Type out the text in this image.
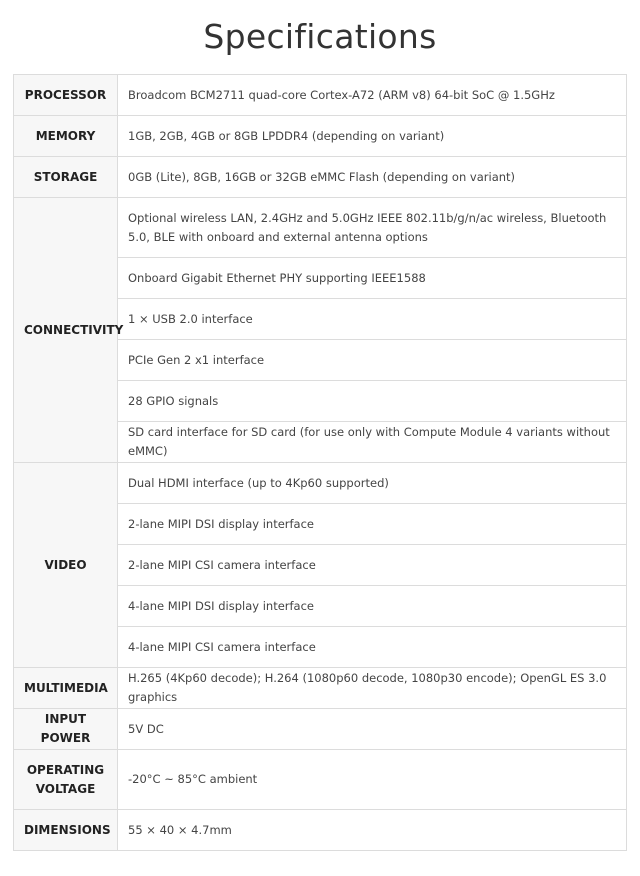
Specifications
PROCESSOR	Broadcom BCM2711 quad-core Cortex-A72 (ARM v8) 64-bit SoC @ 1.5GHz
MEMORY	1GB, 2GB, 4GB or 8GB LPDDR4 (depending on variant)
STORAGE	0GB (Lite), 8GB, 16GB or 32GB eMMC Flash (depending on variant)
CONNECTIVITY	Optional wireless LAN, 2.4GHz and 5.0GHz IEEE 802.11b/g/n/ac wireless, Bluetooth 5.0, BLE with onboard and external antenna options
	Onboard Gigabit Ethernet PHY supporting IEEE1588
	1 × USB 2.0 interface
	PCIe Gen 2 x1 interface
	28 GPIO signals
	SD card interface for SD card (for use only with Compute Module 4 variants without eMMC)
VIDEO	Dual HDMI interface (up to 4Kp60 supported)
	2-lane MIPI DSI display interface
	2-lane MIPI CSI camera interface
	4-lane MIPI DSI display interface
	4-lane MIPI CSI camera interface
MULTIMEDIA	H.265 (4Kp60 decode); H.264 (1080p60 decode, 1080p30 encode); OpenGL ES 3.0 graphics
INPUT POWER	5V DC
OPERATING VOLTAGE	-20°C ~ 85°C ambient
DIMENSIONS	55 × 40 × 4.7mm
